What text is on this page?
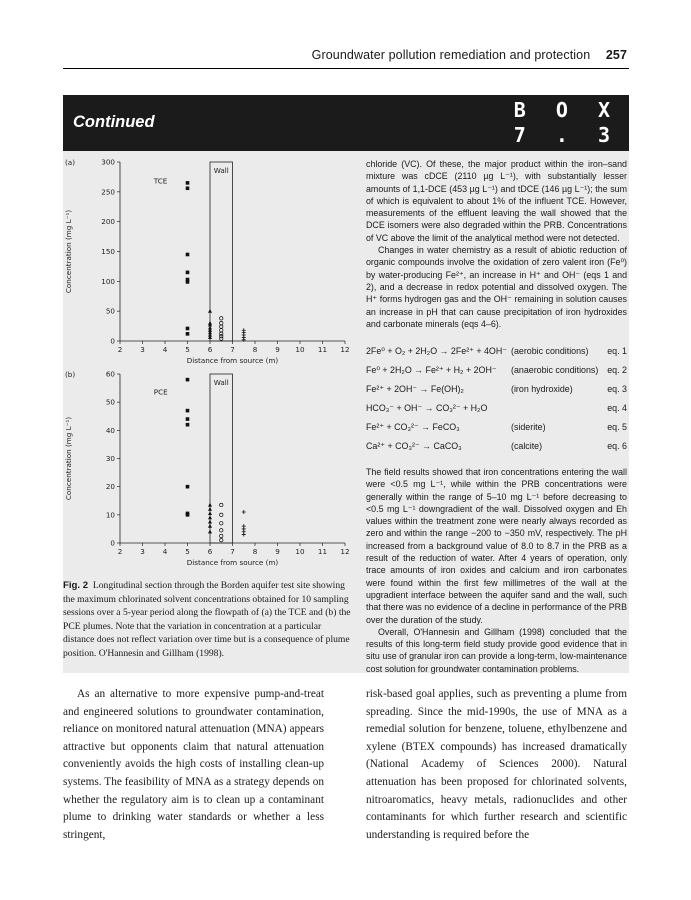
Groundwater pollution remediation and protection 257
Continued	B O X
7 . 3
2 3 4 5 6 7 8 9 10 11 12
0
50
100
150
200
250
300
(a)
Distance from source (m)
Concentration (mg L⁻¹)
TCE
Wall
2 3 4 5 6 7 8 9 10 11 12
0
10
20
30
40
50
60
(b)
Distance from source (m)
Concentration (mg L⁻¹)
PCE
Wall
Fig. 2 Longitudinal section through the Borden aquifer test site showing the maximum chlorinated solvent concentrations obtained for 10 sampling sessions over a 5-year period along the flowpath of (a) the TCE and (b) the PCE plumes. Note that the variation in concentration at a particular distance does not reflect variation over time but is a consequence of plume position. O'Hannesin and Gillham (1998).

chloride (VC). Of these, the major product within the iron–sand mixture was cDCE (2110 µg L⁻¹), with substantially lesser amounts of 1,1-DCE (453 µg L⁻¹) and tDCE (146 µg L⁻¹); the sum of which is equivalent to about 1% of the influent TCE. However, measurements of the effluent leaving the wall showed that the DCE isomers were also degraded within the PRB. Concentrations of VC above the limit of the analytical method were not detected.

Changes in water chemistry as a result of abiotic reduction of organic compounds involve the oxidation of zero valent iron (Fe⁰) by water-producing Fe²⁺, an increase in H⁺ and OH⁻ (eqs 1 and 2), and a decrease in redox potential and dissolved oxygen. The H⁺ forms hydrogen gas and the OH⁻ remaining in solution causes an increase in pH that can cause precipitation of iron hydroxides and carbonate minerals (eqs 4–6).

2Fe⁰ + O₂ + 2H₂O → 2Fe²⁺ + 4OH⁻ (aerobic conditions) eq. 1
Fe⁰ + 2H₂O → Fe²⁺ + H₂ + 2OH⁻ (anaerobic conditions) eq. 2
Fe²⁺ + 2OH⁻ → Fe(OH)₂	(iron hydroxide)	eq. 3
HCO₃⁻ + OH⁻ → CO₃²⁻ + H₂O	eq. 4
Fe²⁺ + CO₃²⁻ → FeCO₃	(siderite)	eq. 5
Ca²⁺ + CO₃²⁻ → CaCO₃	(calcite)	eq. 6

The field results showed that iron concentrations entering the wall were <0.5 mg L⁻¹, while within the PRB concentrations were generally within the range of 5–10 mg L⁻¹ before decreasing to <0.5 mg L⁻¹ downgradient of the wall. Dissolved oxygen and Eh values within the treatment zone were nearly always recorded as zero and within the range −200 to −350 mV, respectively. The pH increased from a background value of 8.0 to 8.7 in the PRB as a result of the reduction of water. After 4 years of operation, only trace amounts of iron oxides and calcium and iron carbonates were found within the first few millimetres of the wall at the upgradient interface between the aquifer sand and the wall, such that there was no evidence of a decline in performance of the PRB over the duration of the study.

Overall, O'Hannesin and Gillham (1998) concluded that the results of this long-term field study provide good evidence that in situ use of granular iron can provide a long-term, low-maintenance cost solution for groundwater contamination problems.

As an alternative to more expensive pump-and-treat and engineered solutions to groundwater contamination, reliance on monitored natural attenuation (MNA) appears attractive but opponents claim that natural attenuation conveniently avoids the high costs of installing clean-up systems. The feasibility of MNA as a strategy depends on whether the regulatory aim is to clean up a contaminant plume to drinking water standards or whether a less stringent,

risk-based goal applies, such as preventing a plume from spreading. Since the mid-1990s, the use of MNA as a remedial solution for benzene, toluene, ethylbenzene and xylene (BTEX compounds) has increased dramatically (National Academy of Sciences 2000). Natural attenuation has been proposed for chlorinated solvents, nitroaromatics, heavy metals, radionuclides and other contaminants for which further research and scientific understanding is required before the
